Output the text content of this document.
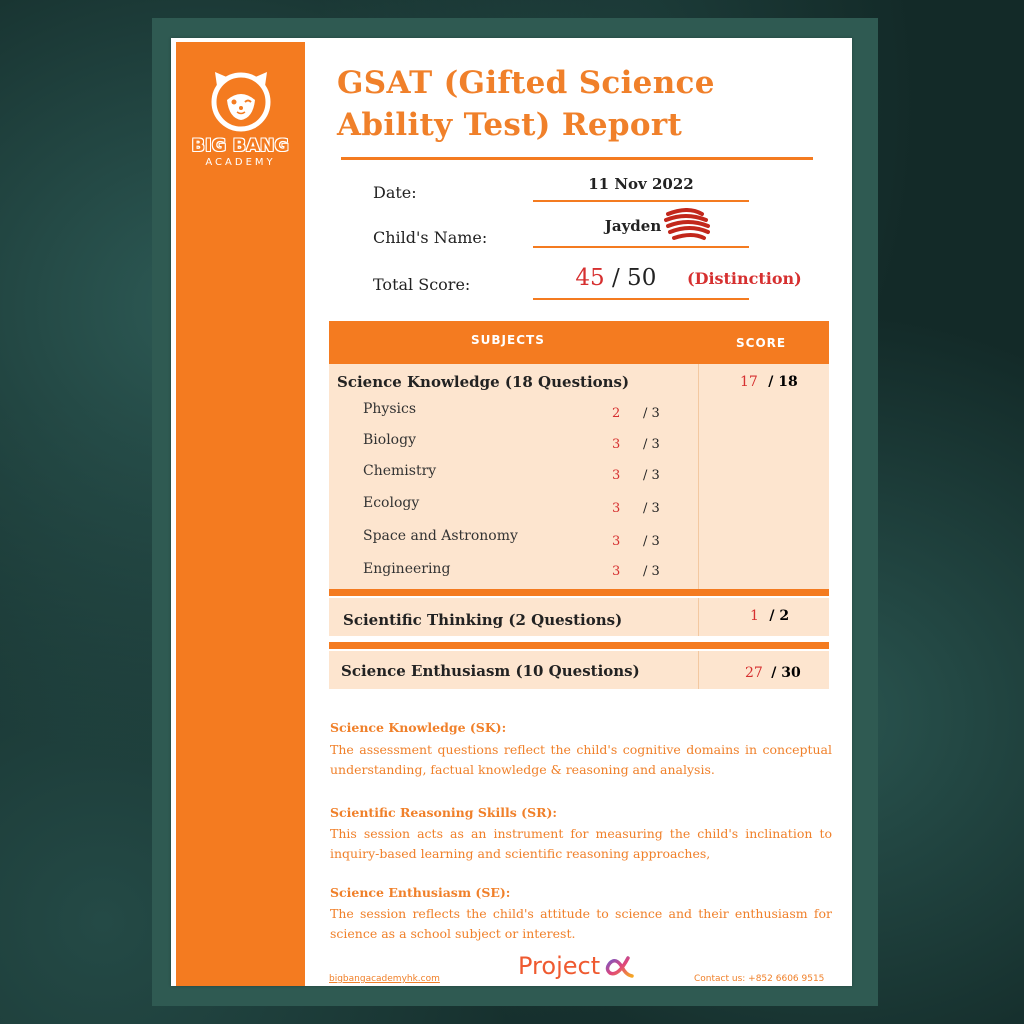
BIG BANG
ACADEMY
GSAT (Gifted Science Ability Test) Report
Date:	11 Nov 2022
Child's Name:
Jayden
Total Score:	45 / 50	(Distinction)
SUBJECTS	SCORE
Science Knowledge (18 Questions)	17 / 18
Physics	2 / 3
Biology	3 / 3
Chemistry	3 / 3
Ecology	3 / 3
Space and Astronomy	3 / 3
Engineering	3 / 3
Scientific Thinking (2 Questions)	1 / 2
Science Enthusiasm (10 Questions)	27 / 30
Science Knowledge (SK):
The assessment questions reflect the child's cognitive domains in conceptual understanding, factual knowledge & reasoning and analysis.
Scientific Reasoning Skills (SR):
This session acts as an instrument for measuring the child's inclination to inquiry-based learning and scientific reasoning approaches,
Science Enthusiasm (SE):
The session reflects the child's attitude to science and their enthusiasm for science as a school subject or interest.
bigbangacademyhk.com	Project	Contact us: +852 6606 9515
